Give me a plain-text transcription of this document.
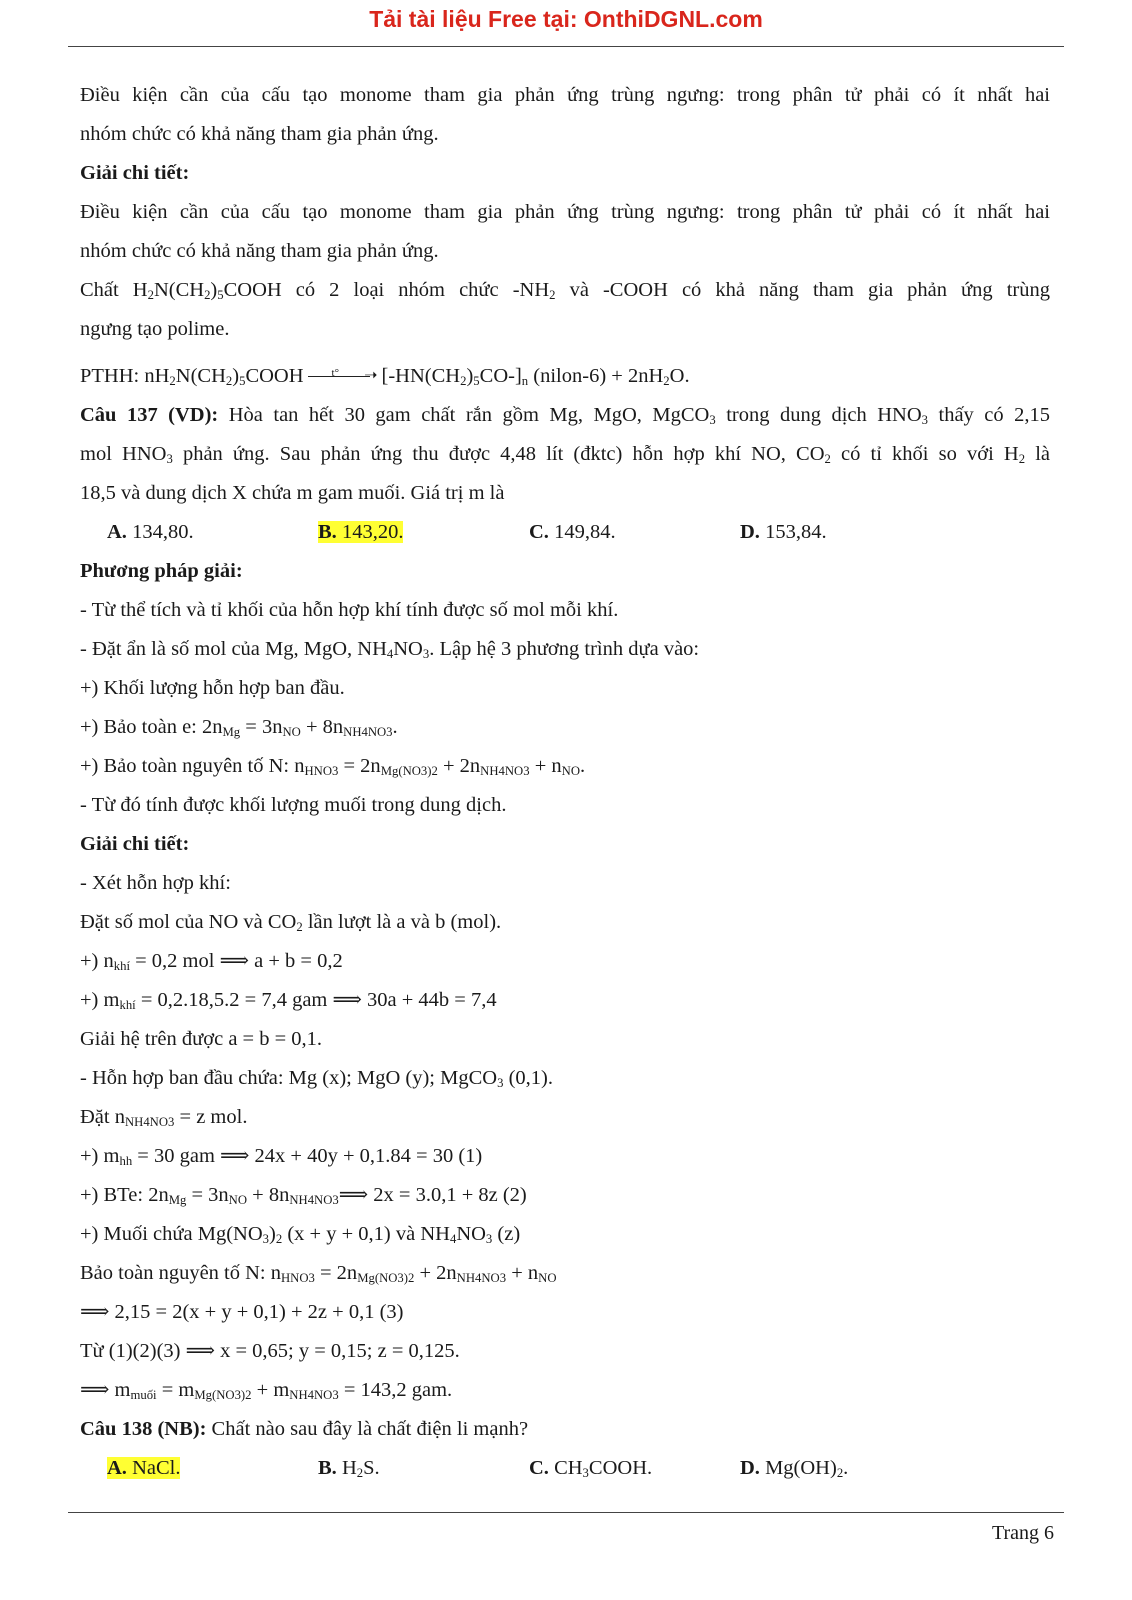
Tải tài liệu Free tại: OnthiDGNL.com
Điều kiện cần của cấu tạo monome tham gia phản ứng trùng ngưng: trong phân tử phải có ít nhất hai
nhóm chức có khả năng tham gia phản ứng.
Giải chi tiết:
Điều kiện cần của cấu tạo monome tham gia phản ứng trùng ngưng: trong phân tử phải có ít nhất hai
nhóm chức có khả năng tham gia phản ứng.
Chất $H_2N(CH_2)_5COOH$ có 2 loại nhóm chức $-NH_2$ và -COOH có khả năng tham gia phản ứng trùng
ngưng tạo polime.
PTHH: $nH_2N(CH_2)_5COOH$	t° ➝ $[-HN(CH_2)_5CO-]_n$ (nilon-6) + $2nH_2O$.
Câu 137 (VD): Hòa tan hết 30 gam chất rắn gồm Mg, MgO, MgCO$_3$ trong dung dịch $HNO_3$ thấy có 2,15
mol $HNO_3$ phản ứng. Sau phản ứng thu được 4,48 lít (đktc) hỗn hợp khí NO, $CO_2$ có tỉ khối so với $H_2$ là
18,5 và dung dịch X chứa m gam muối. Giá trị m là
A. 134,80.	B. 143,20.	C. 149,84.	D. 153,84.
Phương pháp giải:
- Từ thể tích và tỉ khối của hỗn hợp khí tính được số mol mỗi khí.
- Đặt ẩn là số mol của Mg, MgO, $NH_4NO_3$. Lập hệ 3 phương trình dựa vào:
+) Khối lượng hỗn hợp ban đầu.
+) Bảo toàn e: $2n_{Mg} = 3n_{NO} + 8n_{NH4NO3}$.
+) Bảo toàn nguyên tố N: $n_{HNO3} = 2n_{Mg(NO3)2} + 2n_{NH4NO3} + n_{NO}$.
- Từ đó tính được khối lượng muối trong dung dịch.
Giải chi tiết:
- Xét hỗn hợp khí:
Đặt số mol của NO và $CO_2$ lần lượt là a và b (mol).
+) $n_{khí} = 0,2$ mol ⟹ a + b = 0,2
+) $m_{khí} = 0,2.18,5.2 = 7,4$ gam ⟹ 30a + 44b = 7,4
Giải hệ trên được a = b = 0,1.
- Hỗn hợp ban đầu chứa: Mg (x); MgO (y); MgCO$_3$ (0,1).
Đặt $n_{NH4NO3} = z$ mol.
+) $m_{hh} = 30$ gam ⟹ 24x + 40y + 0,1.84 = 30 (1)
+) BTe: $2n_{Mg} = 3n_{NO}$ + $8n_{NH4NO3}⟹$ 2x = 3.0,1 + 8z (2)
+) Muối chứa $Mg(NO_3)_2$ (x + y + 0,1) và $NH_4NO_3$ (z)
Bảo toàn nguyên tố N: $n_{HNO3} = 2n_{Mg(NO3)2} + 2n_{NH4NO3} + n_{NO}$
⟹ 2,15 = 2(x + y + 0,1) + 2z + 0,1 (3)
Từ (1)(2)(3) ⟹ x = 0,65; y = 0,15; z = 0,125.
⟹ $m_{muối} = m_{Mg(NO3)2} + m_{NH4NO3} = 143,2$ gam.
Câu 138 (NB): Chất nào sau đây là chất điện li mạnh?
A. NaCl.	B. $H_2S$.	C. $CH_3COOH$.	D. $Mg(OH)_2$.
Trang 6
